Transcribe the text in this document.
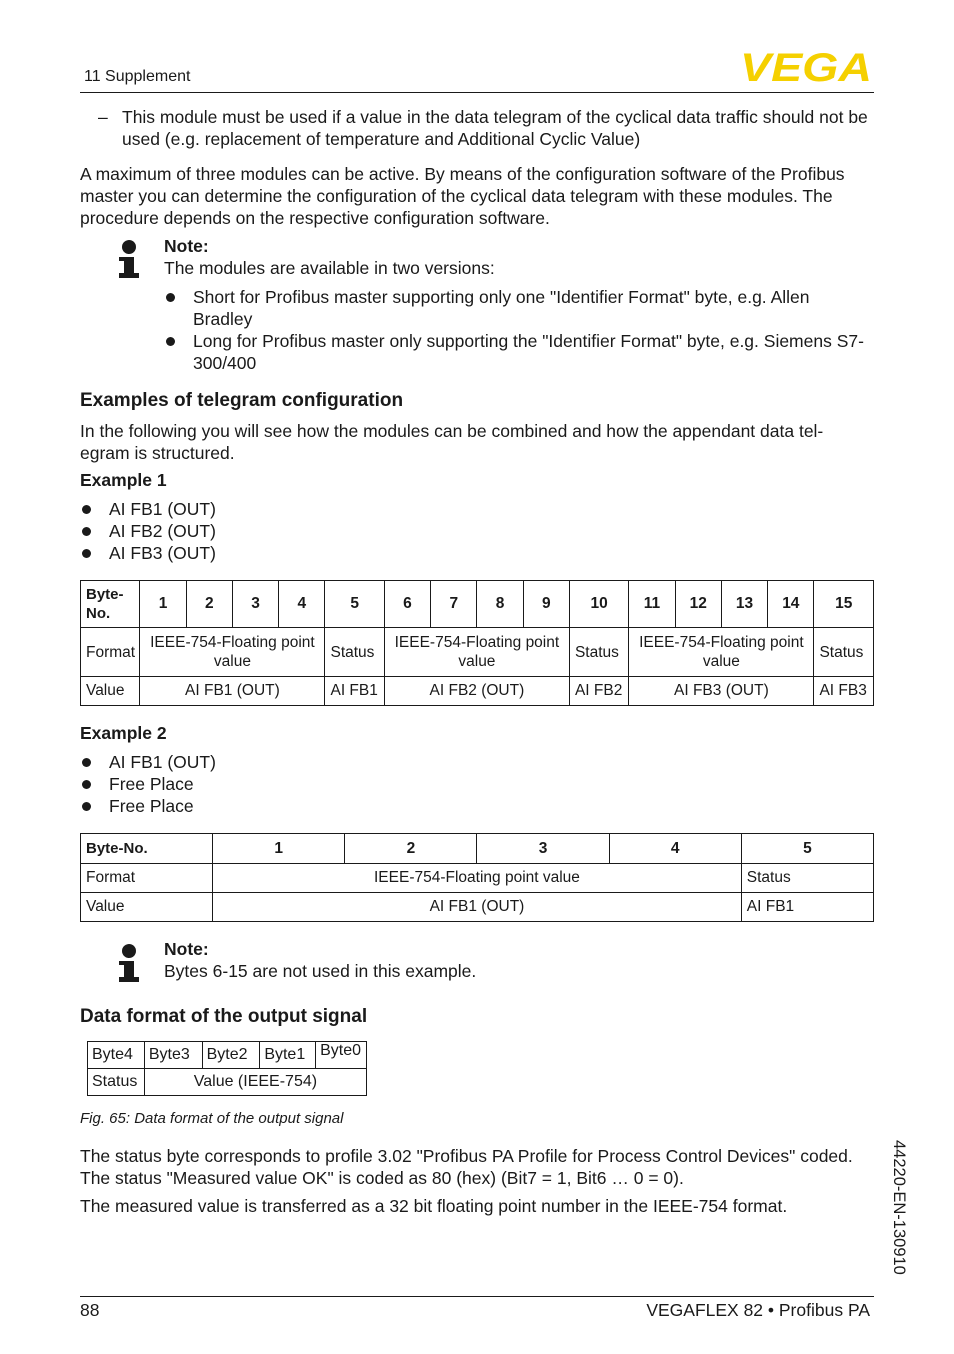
11 Supplement	VEGA
– This module must be used if a value in the data telegram of the cyclical data traffic should not be used (e.g. replacement of temperature and Additional Cyclic Value)
A maximum of three modules can be active. By means of the configuration software of the Profibus master you can determine the configuration of the cyclical data telegram with these modules. The procedure depends on the respective configuration software.
Note:
The modules are available in two versions:
Short for Profibus master supporting only one "Identifier Format" byte, e.g. Allen Bradley
Long for Profibus master only supporting the "Identifier Format" byte, e.g. Siemens S7-300/400
Examples of telegram configuration
In the following you will see how the modules can be combined and how the appendant data tel-egram is structured.
Example 1
AI FB1 (OUT)
AI FB2 (OUT)
AI FB3 (OUT)
Byte-No.	1	2	3	4	5	6	7	8	9	10	11	12	13	14	15
Format	IEEE-754-Floating point value				Status	IEEE-754-Floating point value				Status	IEEE-754-Floating point value				Status
Value	AI FB1 (OUT)				AI FB1	AI FB2 (OUT)				AI FB2	AI FB3 (OUT)				AI FB3
Example 2
AI FB1 (OUT)
Free Place
Free Place
Byte-No.	1	2	3	4	5
Format	IEEE-754-Floating point value				Status
Value	AI FB1 (OUT)				AI FB1
Note:
Bytes 6-15 are not used in this example.
Data format of the output signal
Byte4	Byte3	Byte2	Byte1	Byte0
Status	Value (IEEE-754)			
Fig. 65: Data format of the output signal
The status byte corresponds to profile 3.02 "Profibus PA Profile for Process Control Devices" coded. The status "Measured value OK" is coded as 80 (hex) (Bit7 = 1, Bit6 … 0 = 0).
The measured value is transferred as a 32 bit floating point number in the IEEE-754 format.	44220-EN-130910
88	VEGAFLEX 82 • Profibus PA
